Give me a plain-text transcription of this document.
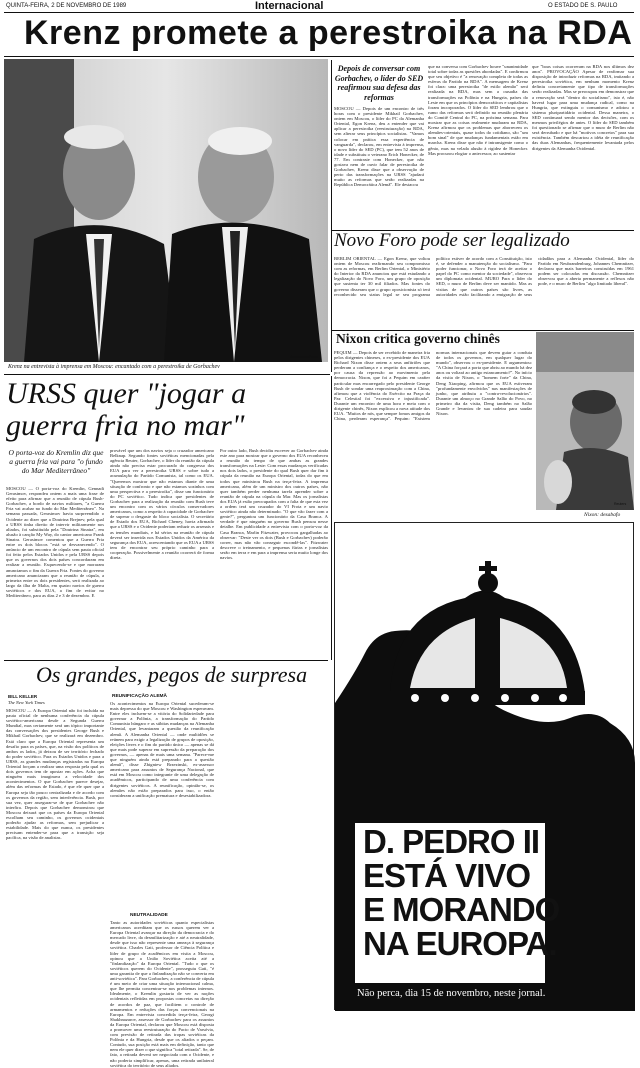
QUINTA-FEIRA, 2 DE NOVEMBRO DE 1989	Internacional	O ESTADO DE S. PAULO
Krenz promete a perestroika na RDA
Associated Press
Krenz na entrevista à imprensa em Moscou: encantado com a perestroika de Gorbachev
Depois de conversar com Gorbachev, o líder do SED reafirmou sua defesa das reformas
MOSCOU — Depois de um encontro de três horas com o presidente Mikhail Gorbachev, ontem em Moscou, o líder do PC da Alemanha Oriental, Egon Krenz, deu a entender que vai aplicar a perestroika (reestruturação) na RDA, sem alterar seus princípios socialistas. "Vamos colocar em prática essa experiência de vanguarda", declarou, em entrevista à imprensa, o novo líder do SED (PC), que tem 52 anos de idade e substituiu o veterano Erich Honecker, de 77. Em contraste com Honecker, que não gostava nem de ouvir falar de perestroika de Gorbachev, Krenz disse que a observação de perto das transformações na URSS "ajudará muito as reformas que serão realizadas na República Democrática Alemã". Ele destacou
que na conversa com Gorbachev houve "unanimidade total sobre todas as questões abordadas". E confirmou que seu objetivo é "a renovação completa de todas as esferas do Partido na RDA". A mensagem de Krenz foi clara: uma perestroika "de estilo alemão" será realizada na RDA, mas sem a ousadia das transformações na Polônia e na Hungria, países do Leste em que os princípios democráticos e capitalistas foram incorporados. O líder do SED lembrou que o rumo das reformas será definido na reunião plenária do Comitê Central do PC, na próxima semana. Para mostrar que as coisas realmente mudaram na RDA, Krenz afirmou que os problemas que aborrecem os alemães-orientais, quase todos do cotidiano, são "um bom sinal" de que mudanças fundamentais estão em marcha. Krenz disse que não é intransigente como o gênio, mas na velada alusão à rigidez de Honecker. Mas procurou elogiar o antecessor, ao sustentar
que "boas coisas ocorreram na RDA nos últimos dez anos". PROVOCAÇÃO Apesar de reafirmar sua disposição de introduzir reformas na RDA, imitando a perestroika soviética, em nenhum momento Krenz definiu concretamente que tipo de transformações serão realizadas. Mas se preocupou em demonstrar que a renovação será "dentro do socialismo", isto é, não haverá lugar para uma mudança radical, como na Hungria, que extinguiu o comunismo e adotou o sistema pluripartidário ocidental. Dessa maneira, o SED continuará sendo mentor das decisões, com os mesmos privilégios de antes. O líder do SED também foi questionado se afirmar que o muro de Berlim não será derrubado e que há "motivos concretos" para sua existência. Também descartou a idéia de reunificação das duas Alemanhas, frequentemente levantada pelos dirigentes da Alemanha Ocidental.
Novo Foro pode ser legalizado
BERLIM ORIENTAL — Egon Krenz, que voltou ontem de Moscou reafirmando seu compromisso com as reformas, em Berlim Oriental, o Ministério do Interior da RDA anunciou que está estudando a legalização do Novo Foro, um grupo de oposição que sustenta ter 30 mil filiados. Mas fontes do governo disseram que o grupo oposicionista só terá reconhecido seu status legal se seu programa político estiver de acordo com a Constituição, isto é, se defender a manutenção do socialismo. "Para poder funcionar, o Novo Foro terá de aceitar o papel do PC como mentor da sociedade", observou um diplomata ocidental. MURO Para o líder do SED, o muro de Berlim deve ser mantido. Mas as visitas de que outros países são livres, as autoridades estão facilitando a emigração de seus cidadãos para a Alemanha Ocidental, líder do Partido em Neubrandenburg, Johannes Chemnitzer, declarou que mais barreiras construídas em 1961 podem ser colocadas em discussão. Chemnitzer observou que a aberta permanente a reflexos não pode, e o muro de Berlim "algo limitado liberal".
Nixon critica governo chinês
PEQUIM — Depois de ser recebido de maneira fria pelos dirigentes chineses, o ex-presidente dos EUA Richard Nixon disse ontem a seus anfitriões que perderam a confiança e o respeito dos americanos, por causa da repressão ao movimento pela democracia. Nixon, que foi a Pequim em caráter particular mas encarregado pelo presidente George Bush de sondar uma reaproximação com a China, afirmou que a violência do Exército na Praça da Paz Celestial foi "excessiva e injustificada". Durante um encontro de uma hora e meia com o dirigente chinês, Nixon explicou a nova atitude dos EUA. "Muitos de nós, que sempre fomos amigos da China, perderam esperança". Pequim: "Existem normas internacionais que devem guiar a conduta de todos os governos, em qualquer lugar do mundo", observou o ex-presidente. E argumentou: "A China forçará a porta que abriu ao mundo há dez anos ou voltará ao antigo estancamento?". No início da visita de Nixon, o "homem forte" da China, Deng Xiaoping, afirmou que os EUA estiveram "profundamente envolvidos" nas manifestações de junho, que atribuiu a "contra-revolucionários". Durante um almoço no Grande Salão do Povo, no primeiro dia da visita, Deng também no Salão Grande e levantou de sua cadeira para saudar Nixon.
Nixon: desabafo
Reuters
URSS quer "jogar a guerra fria no mar"
O porta-voz do Kremlin diz que a guerra fria vai para "o fundo do Mar Mediterrâneo"
MOSCOU — O porta-voz do Kremlin, Gennadi Gerasimov, respondeu ontem a mais uma frase de efeito para afirmar que a reunião de cúpula Bush-Gorbachev, a bordo de navios militares, "a Guerra Fria vai acabar no fundo do Mar Mediterrâneo". Na semana passada, Gerasimov havia surpreendido o Ocidente ao dizer que a Doutrina Brejnev, pela qual a URSS tinha direito de intervir militarmente nos aliados, foi substituída pela "Doutrina Sinatra", em alusão à canção My Way, do cantor americano Frank Sinatra. Gerasimov comentou que a Guerra Fria entre os dois blocos "está se desvanecendo". O anúncio de um encontro de cúpula sem pauta oficial foi feito pelos Estados Unidos e pela URSS depois que os governos dos dois países concordaram em realizar a reunião. Esquecendo-se e que moraram anunciamos o fim da Guerra Fria. Fontes do governo americano anunciaram que a reunião de cúpula, a primeira entre os dois presidentes, será realizada ao largo da ilha de Malta, em quatro navios de guerra soviéticos e dos EUA, a fim de evitar no Mediterrâneo, para as dias 2 e 3 de dezembro. E
provável que um dos navios seja o cruzador americano Belknap. Segundo fontes soviéticas mencionadas pela agência Reuter, Gorbachev, o líder da reunião da cúpula ainda não precisa estar procurado do congresso dos EUA para ver a perestroika URSS e sobre tudo a acumulação do Partido Comunista, tal como os EUA. "Queremos mostrar que não estamos diante de uma situação de confronto e que não estamos sozinhos com uma perspectiva e a perestroika", disse um funcionário do PC soviético. Tudo indica que presidentes de Gorbachev para a realização da reunião com Bush teve um encontro com os vários círculos conservadores americanos, como a respeito à capacidade de Gorbachev de superar o desgaste do bloco socialista. O secretário de Estado dos EUA, Richard Cheney, havia afirmado que a URSS e o Ocidente poderiam reduzir os arsenais e as tensões mundiais, e há sérios na reunião de cúpula deverá ser inserida nos Estados Unidos da América da segurança dos EUA, acrescentando que os EUA a URSS tem de encontrar seu próprio caminho para a cooperação. Possivelmente a reunião ocorrerá de forma direta.
Por outro lado, Bush decidiu escrever ao Gorbachev ainda este ano para mostrar que o governo dos EUA reconheceu a reunião do tempo de que ambas as grandes transformações na Leste: Com essas mudanças verificadas nos dois lados, o presidente do qual Bush quer dar fim à cúpula da reunião na Europa Oriental, todas do que em todos que ministrou Bush na terça-feira. A imprensa americana, além de um ministro dos outros países, não quer também perder nenhuma tarefa aprender sobre a reunião de cúpula na cúpula da Mar. Mas os jornalistas dos EUA já estão preocupados com a falta de que esta vez a ordem terá um cruzador do VI Frota e um navio soviético ainda não determinado. "O que vão fazer com a gente?", perguntou um funcionário da Casa Branca. A verdade é que ninguém no governo Bush pensou nesse detalhe. Em publicidade a entrevista com o porta-voz da Casa Branca, Marlin Fitzwater, provocou gargalhadas ao observar: "Deste ver os dois (Bush e Gorbachev) poderão correr, mas não vão conseguir escondê-las". Fitzwater descreve o treinamento, e pequenas fúrias e jornalistas serão em terra e em para a imprensa seria muito longe dos navios.
Os grandes, pegos de surpresa
BILL KELLER
The New York Times
MOSCOU — A Europa Oriental não foi incluída na pauta oficial de nenhuma conferência da cúpula soviético-americana desde a Segunda Guerra Mundial, mas certamente será um tópico importante das conversações dos presidentes George Bush e Mikhail Gorbachev, que se realizará em dezembro. Está claro que a Europa Oriental representa um desafio para os países, que, na visão dos políticos de ambos os lados, já deixou de ser território fechado do poder soviético. Para os Estados Unidos e para a URSS, as grandes mudanças registradas na Europa Oriental forçam a realizar uma resposta pela qual os dois governos tem de apostar em ações. Acha que ninguém mais imaginava a velocidade dos acontecimentos. O que Gorbachev parece desejar, além das reformas de Estado, é que ele quer que a Europa seja tão pouco centralizada e de acordo com os governos da região, sem interferência. Bush, por sua vez, quer assegurar-se de que Gorbachev não interfira. Depois que Gorbachev demonstrou que Moscou deixará que os países da Europa Oriental escolham seu caminho, os governos ocidentais poderão ajudar as reformas, sem prejudicar a estabilidade. Mais do que nunca, os presidentes precisam entender-se para que a transição seja pacífica, na visão de analistas.
REUNIFICAÇÃO ALEMÃ
Os acontecimentos na Europa Oriental sucederam-se mais depressa do que Moscou e Washington esperavam. Entre eles incluem-se a vitória do Solidariedade para governar a Polônia, a transformação do Partido Comunista húngaro e as súbitas mudanças na Alemanha Oriental, que levantaram a questão da reunificação alemã. A Alemanha Oriental — onde multidões se reúnem para exigir a legalização de grupos de oposição, eleições livres e o fim do partido único — apenas se dá que mais pode superar em supressão da preparação dos governos, — apenas de mais uma semana. "Parece-me que ninguém ainda está preparado para a questão alemã", disse Zbigniew Brzezinski, ex-assessor americano para assuntos de Segurança Nacional, que está em Moscou como integrante de uma delegação de acadêmicos, participando de uma conferência com dirigentes soviéticos. A reunificação, opinião-se, os alemães não estão preparados para isso, o então consideram a unificação prematura e desestabilizadora.
NEUTRALIDADE
Tanto as autoridades soviéticas quanto especialistas americanos acreditam que os russos querem ver a Europa Oriental avançar na direção da democracia e do mercado livre, da desmilitarização e até a neutralidade, desde que isso não represente uma ameaça à segurança soviética. Charles Gati, professor de Ciência Política e líder de grupo de acadêmicos em visita a Moscou, opinou que a União Soviética aceita até a "finlandização" da Europa Oriental. "Tudo o que os soviéticos querem do Ocidente", prosseguiu Gati, "é uma garantia de que a finlandização não se converta em anti-soviética". Para Gorbachev, a conferência de cúpula é um meio de criar uma situação internacional calma, que lhe permita concentrar-se nos problemas internos. Idealmente, o Kremlin gostaria de ver as nações ocidentais refletidas em propostas concretas na direção de acordos de paz, que facilitem o controle de armamentos e reduções das forças convencionais na Europa. Em entrevista concedida terça-feira, Georgi Shakhnazarov, assessor de Gorbachev para os assuntos da Europa Oriental, declarou que Moscou está disposta a promover uma reestruturação do Pacto de Varsóvia, com previsão de retirada das tropas soviéticas da Polônia e da Hungria, desde que os aliados o peçam. Contudo, sua posição está mais em definição, tanto que nem ele quer dizer o que significa "total retirada". Se, de fato, a retirada deverá ser negociada com o Ocidente, e não poderia simplificar, apenas, uma retirada unilateral soviética do território de seus aliados.
D. PEDRO II
ESTÁ VIVO
E MORANDO
NA EUROPA.
Não perca, dia 15 de novembro, neste jornal.
